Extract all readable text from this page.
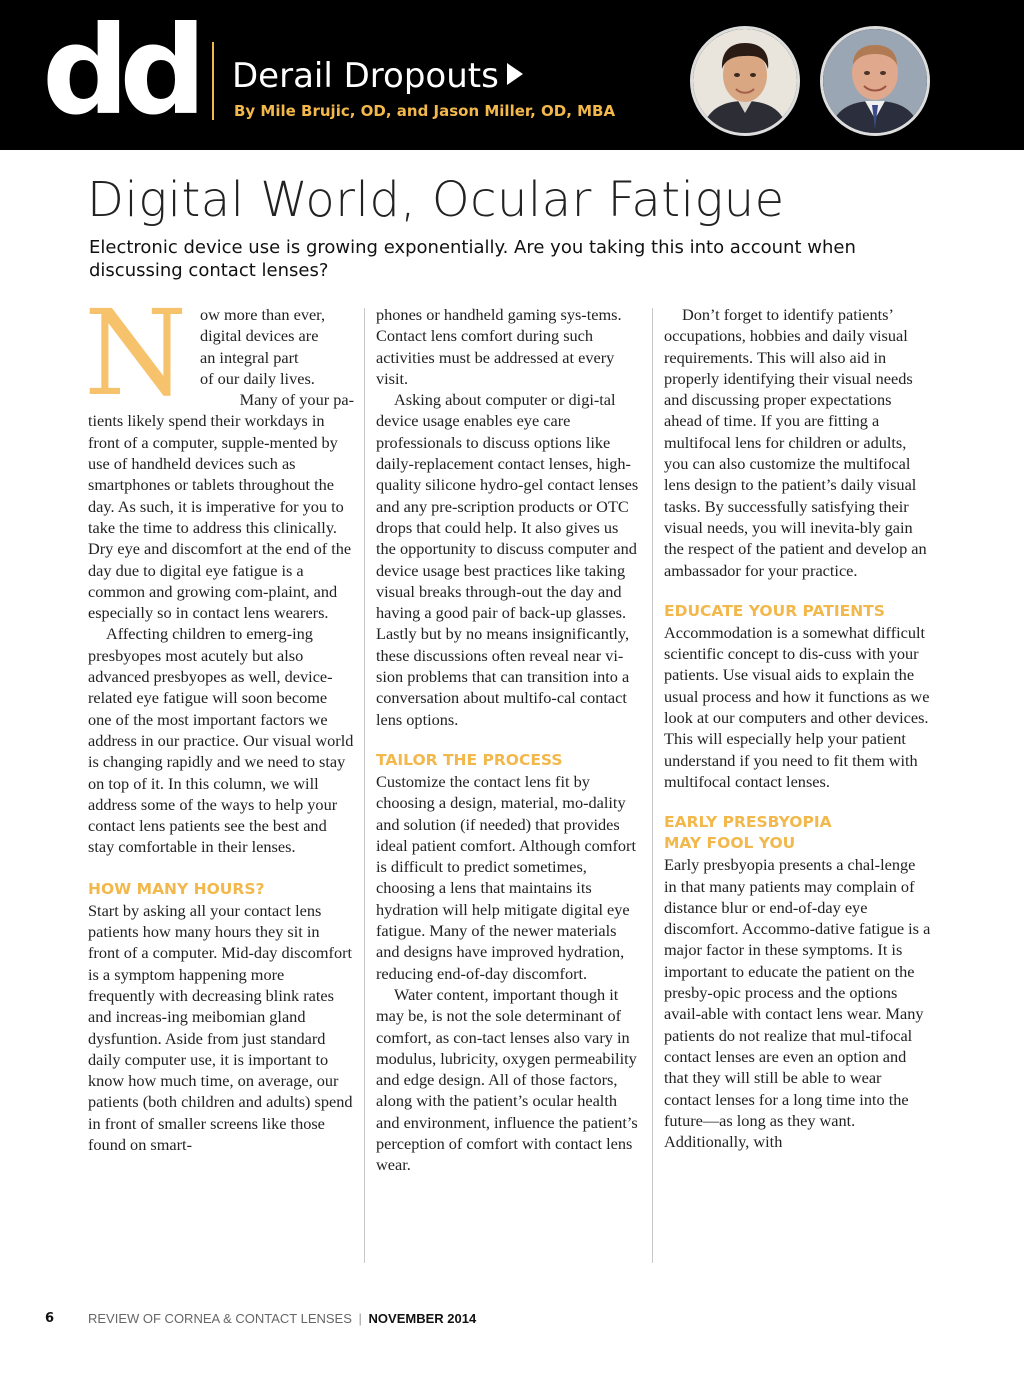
dd Derail Dropouts
By Mile Brujic, OD, and Jason Miller, OD, MBA
Digital World, Ocular Fatigue

Electronic device use is growing exponentially. Are you taking this into account when discussing contact lenses?

N ow more than ever,
digital devices are
an integral part
of our daily lives.
Many of your pa-

tients likely spend their workdays in front of a computer, supple-mented by use of handheld devices such as smartphones or tablets throughout the day. As such, it is imperative for you to take the time to address this clinically. Dry eye and discomfort at the end of the day due to digital eye fatigue is a common and growing com-plaint, and especially so in contact lens wearers.

Affecting children to emerg-ing presbyopes most acutely but also advanced presbyopes as well, device-related eye fatigue will soon become one of the most important factors we address in our practice. Our visual world is changing rapidly and we need to stay on top of it. In this column, we will address some of the ways to help your contact lens patients see the best and stay comfortable in their lenses.

HOW MANY HOURS?

Start by asking all your contact lens patients how many hours they sit in front of a computer. Mid-day discomfort is a symptom happening more frequently with decreasing blink rates and increas-ing meibomian gland dysfuntion. Aside from just standard daily computer use, it is important to know how much time, on average, our patients (both children and adults) spend in front of smaller screens like those found on smart-

phones or handheld gaming sys-tems. Contact lens comfort during such activities must be addressed at every visit.

Asking about computer or digi-tal device usage enables eye care professionals to discuss options like daily-replacement contact lenses, high-quality silicone hydro-gel contact lenses and any pre-scription products or OTC drops that could help. It also gives us the opportunity to discuss computer and device usage best practices like taking visual breaks through-out the day and having a good pair of back-up glasses. Lastly but by no means insignificantly, these discussions often reveal near vi-sion problems that can transition into a conversation about multifo-cal contact lens options.

TAILOR THE PROCESS

Customize the contact lens fit by choosing a design, material, mo-dality and solution (if needed) that provides ideal patient comfort. Although comfort is difficult to predict sometimes, choosing a lens that maintains its hydration will help mitigate digital eye fatigue. Many of the newer materials and designs have improved hydration, reducing end-of-day discomfort.

Water content, important though it may be, is not the sole determinant of comfort, as con-tact lenses also vary in modulus, lubricity, oxygen permeability and edge design. All of those factors, along with the patient’s ocular health and environment, influence the patient’s perception of comfort with contact lens wear.

Don’t forget to identify patients’ occupations, hobbies and daily visual requirements. This will also aid in properly identifying their visual needs and discussing proper expectations ahead of time. If you are fitting a multifocal lens for children or adults, you can also customize the multifocal lens design to the patient’s daily visual tasks. By successfully satisfying their visual needs, you will inevita-bly gain the respect of the patient and develop an ambassador for your practice.

EDUCATE YOUR PATIENTS

Accommodation is a somewhat difficult scientific concept to dis-cuss with your patients. Use visual aids to explain the usual process and how it functions as we look at our computers and other devices. This will especially help your patient understand if you need to fit them with multifocal contact lenses.

EARLY PRESBYOPIA
MAY FOOL YOU

Early presbyopia presents a chal-lenge in that many patients may complain of distance blur or end-of-day eye discomfort. Accommo-dative fatigue is a major factor in these symptoms. It is important to educate the patient on the presby-opic process and the options avail-able with contact lens wear. Many patients do not realize that mul-tifocal contact lenses are even an option and that they will still be able to wear contact lenses for a long time into the future—as long as they want. Additionally, with

6	REVIEW OF CORNEA & CONTACT LENSES | NOVEMBER 2014
